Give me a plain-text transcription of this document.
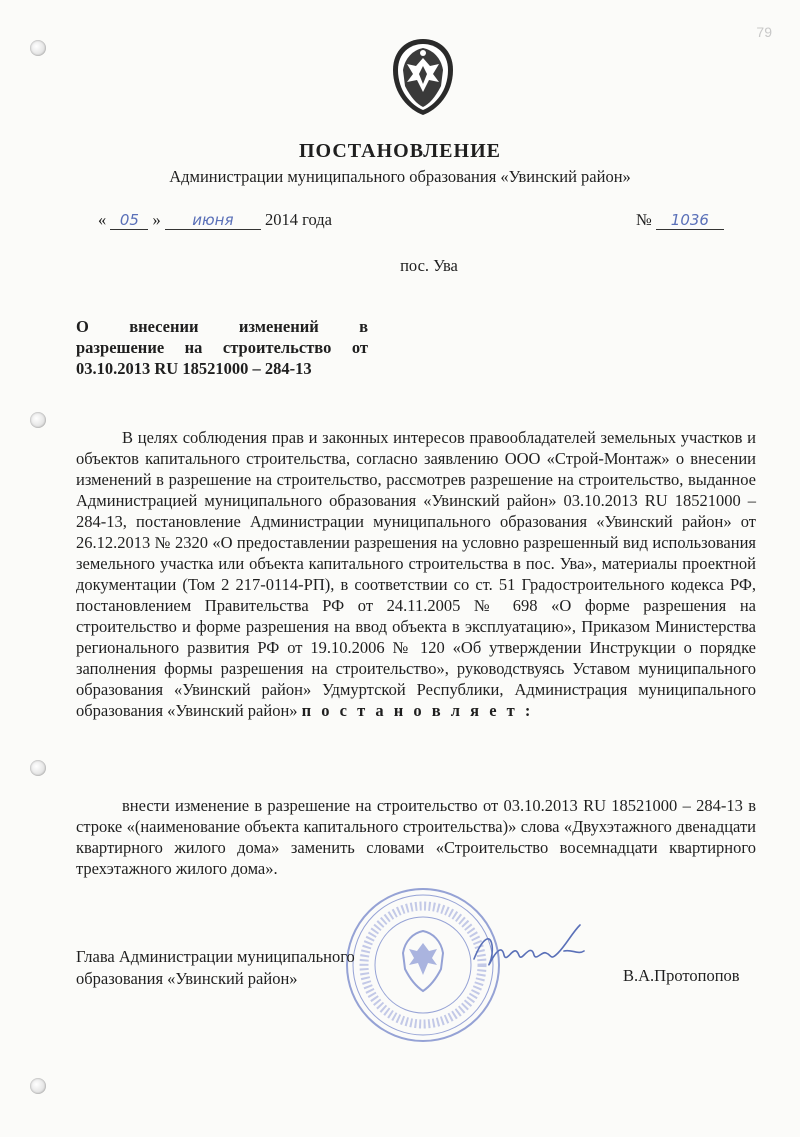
79
ПОСТАНОВЛЕНИЕ
Администрации муниципального образования «Увинский район»
« 05 » июня 2014 года	№ 1036
пос. Ува
О внесении изменений в
разрешение на строительство от
03.10.2013 RU 18521000 – 284-13
В целях соблюдения прав и законных интересов правообладателей земельных участков и объектов капитального строительства, согласно заявлению ООО «Строй-Монтаж» о внесении изменений в разрешение на строительство, рассмотрев разрешение на строительство, выданное Администрацией муниципального образования «Увинский район» 03.10.2013 RU 18521000 – 284-13, постановление Администрации муниципального образования «Увинский район» от 26.12.2013 № 2320 «О предоставлении разрешения на условно разрешенный вид использования земельного участка или объекта капитального строительства в пос. Ува», материалы проектной документации (Том 2 217-0114-РП), в соответствии со ст. 51 Градостроительного кодекса РФ, постановлением Правительства РФ от 24.11.2005 № 698 «О форме разрешения на строительство и форме разрешения на ввод объекта в эксплуатацию», Приказом Министерства регионального развития РФ от 19.10.2006 № 120 «Об утверждении Инструкции о порядке заполнения формы разрешения на строительство», руководствуясь Уставом муниципального образования «Увинский район» Удмуртской Республики, Администрация муниципального образования «Увинский район» п о с т а н о в л я е т :
внести изменение в разрешение на строительство от 03.10.2013 RU 18521000 – 284-13 в строке «(наименование объекта капитального строительства)» слова «Двухэтажного двенадцати квартирного жилого дома» заменить словами «Строительство восемнадцати квартирного трехэтажного жилого дома».
Глава Администрации муниципального
образования «Увинский район»	В.А.Протопопов
